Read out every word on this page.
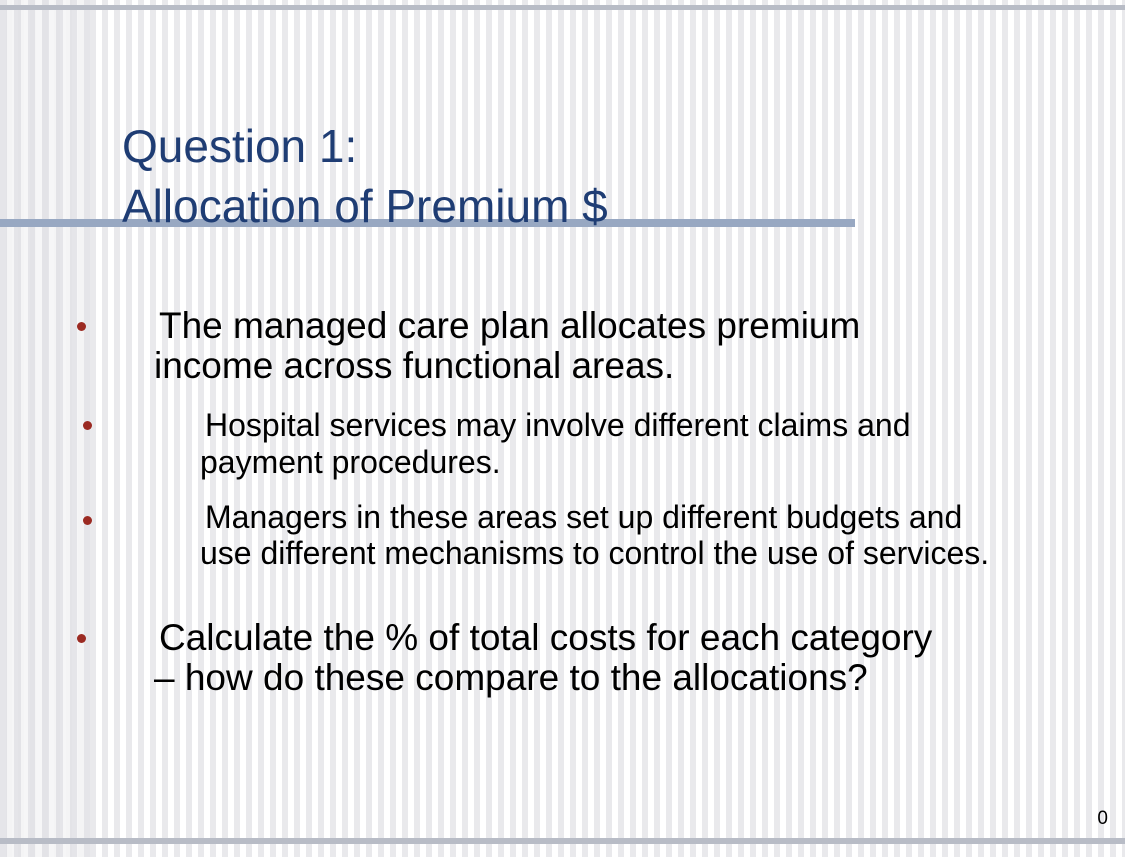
Question 1:
Allocation of Premium $

The managed care plan allocates premium income across functional areas.

Hospital services may involve different claims and payment procedures.

Managers in these areas set up different budgets and use different mechanisms to control the use of services.

Calculate the % of total costs for each category – how do these compare to the allocations?

0
